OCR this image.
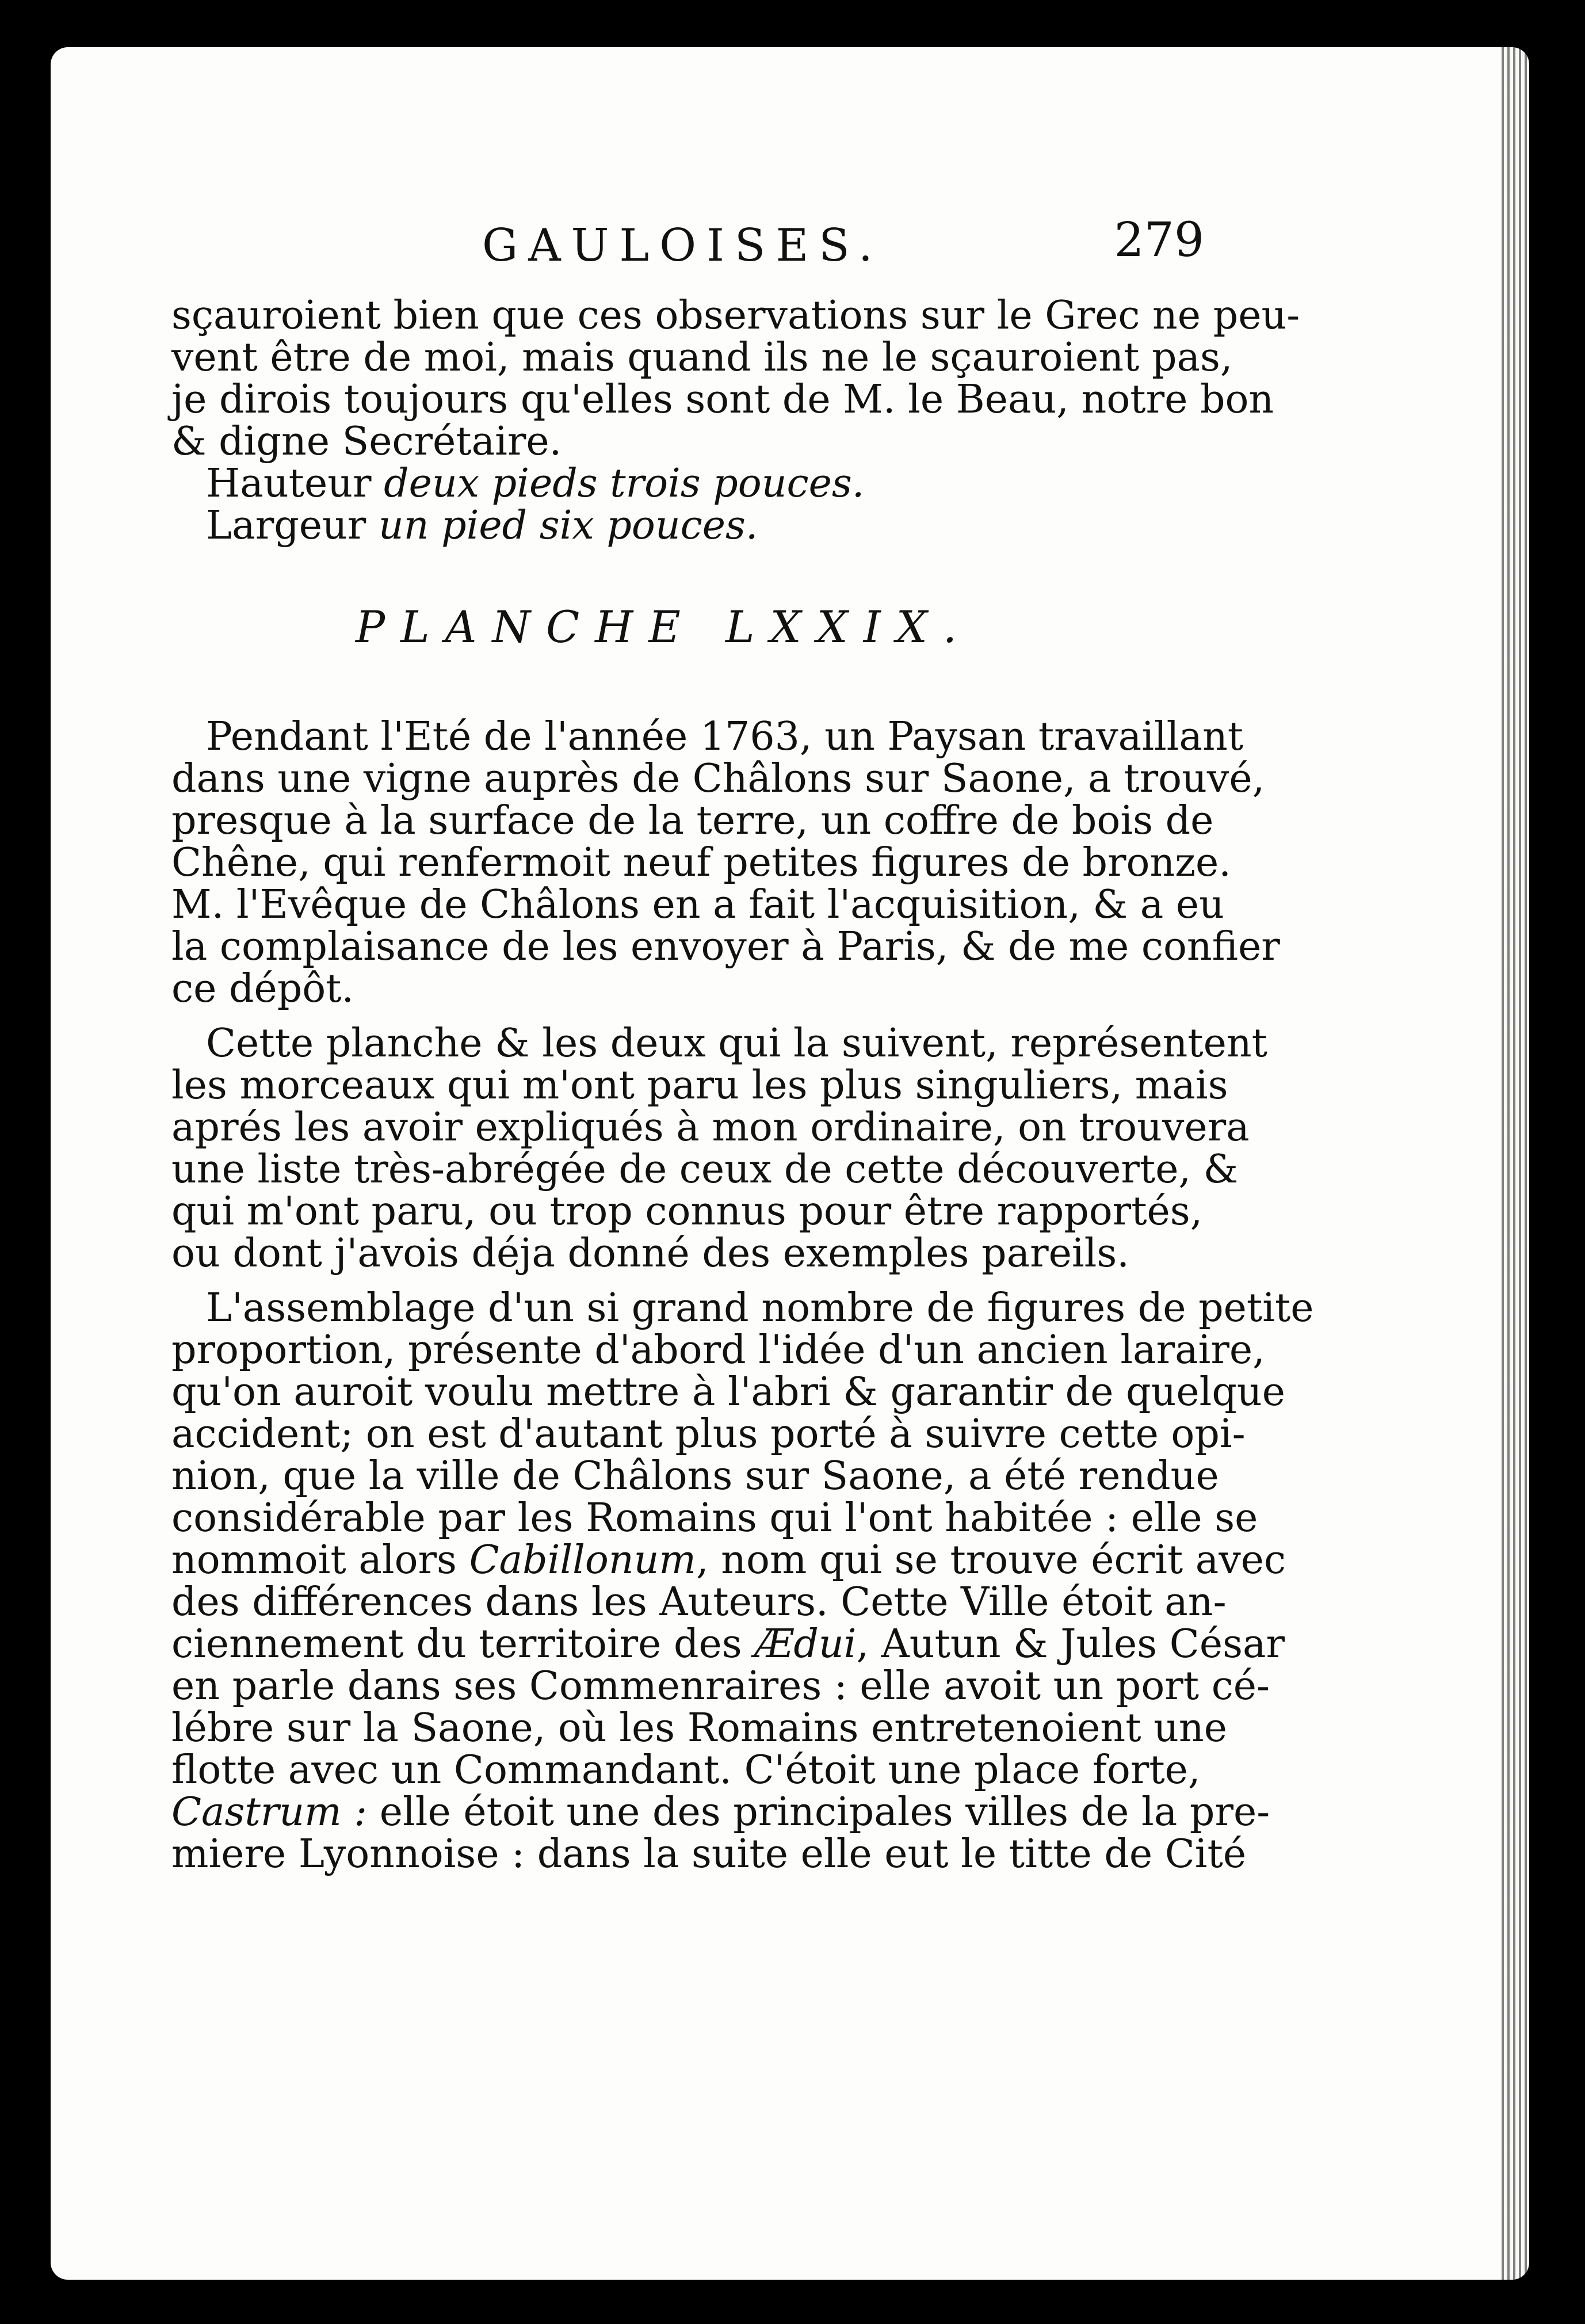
GAULOISES.	279

sçauroient bien que ces observations sur le Grec ne peu-

vent être de moi, mais quand ils ne le sçauroient pas,

je dirois toujours qu'elles sont de M. le Beau, notre bon

& digne Secrétaire.

Hauteur deux pieds trois pouces.

Largeur un pied six pouces.

PLANCHE LXXIX.

Pendant l'Eté de l'année 1763, un Paysan travaillant

dans une vigne auprès de Châlons sur Saone, a trouvé,

presque à la surface de la terre, un coffre de bois de

Chêne, qui renfermoit neuf petites figures de bronze.

M. l'Evêque de Châlons en a fait l'acquisition, & a eu

la complaisance de les envoyer à Paris, & de me confier

ce dépôt.

Cette planche & les deux qui la suivent, représentent

les morceaux qui m'ont paru les plus singuliers, mais

aprés les avoir expliqués à mon ordinaire, on trouvera

une liste très-abrégée de ceux de cette découverte, &

qui m'ont paru, ou trop connus pour être rapportés,

ou dont j'avois déja donné des exemples pareils.

L'assemblage d'un si grand nombre de figures de petite

proportion, présente d'abord l'idée d'un ancien laraire,

qu'on auroit voulu mettre à l'abri & garantir de quelque

accident; on est d'autant plus porté à suivre cette opi-

nion, que la ville de Châlons sur Saone, a été rendue

considérable par les Romains qui l'ont habitée : elle se

nommoit alors Cabillonum, nom qui se trouve écrit avec

des différences dans les Auteurs. Cette Ville étoit an-

ciennement du territoire des Ædui, Autun & Jules César

en parle dans ses Commenraires : elle avoit un port cé-

lébre sur la Saone, où les Romains entretenoient une

flotte avec un Commandant. C'étoit une place forte,

Castrum : elle étoit une des principales villes de la pre-

miere Lyonnoise : dans la suite elle eut le titte de Cité
